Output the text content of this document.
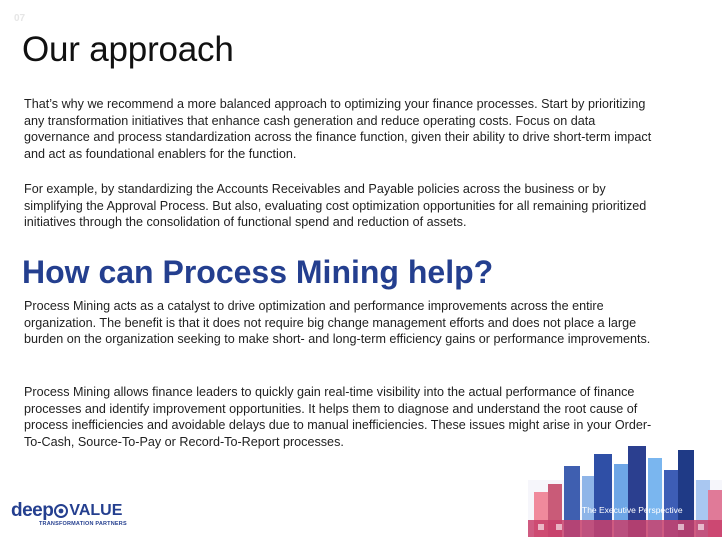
07
Our approach

That’s why we recommend a more balanced approach to optimizing your finance processes. Start by prioritizing any transformation initiatives that enhance cash generation and reduce operating costs. Focus on data governance and process standardization across the finance function, given their ability to drive short-term impact and act as foundational enablers for the function.

For example, by standardizing the Accounts Receivables and Payable policies across the business or by simplifying the Approval Process. But also, evaluating cost optimization opportunities for all remaining prioritized initiatives through the consolidation of functional spend and reduction of assets.

How can Process Mining help?

Process Mining acts as a catalyst to drive optimization and performance improvements across the entire organization. The benefit is that it does not require big change management efforts and does not place a large burden on the organization seeking to make short- and long-term efficiency gains or performance improvements.

Process Mining allows finance leaders to quickly gain real-time visibility into the actual performance of finance processes and identify improvement opportunities. It helps them to diagnose and understand the root cause of process inefficiencies and avoidable delays due to manual inefficiencies. These issues might arise in your Order-To-Cash, Source-To-Pay or Record-To-Report processes.

deep VALUE
TRANSFORMATION PARTNERS
The Executive Perspective
